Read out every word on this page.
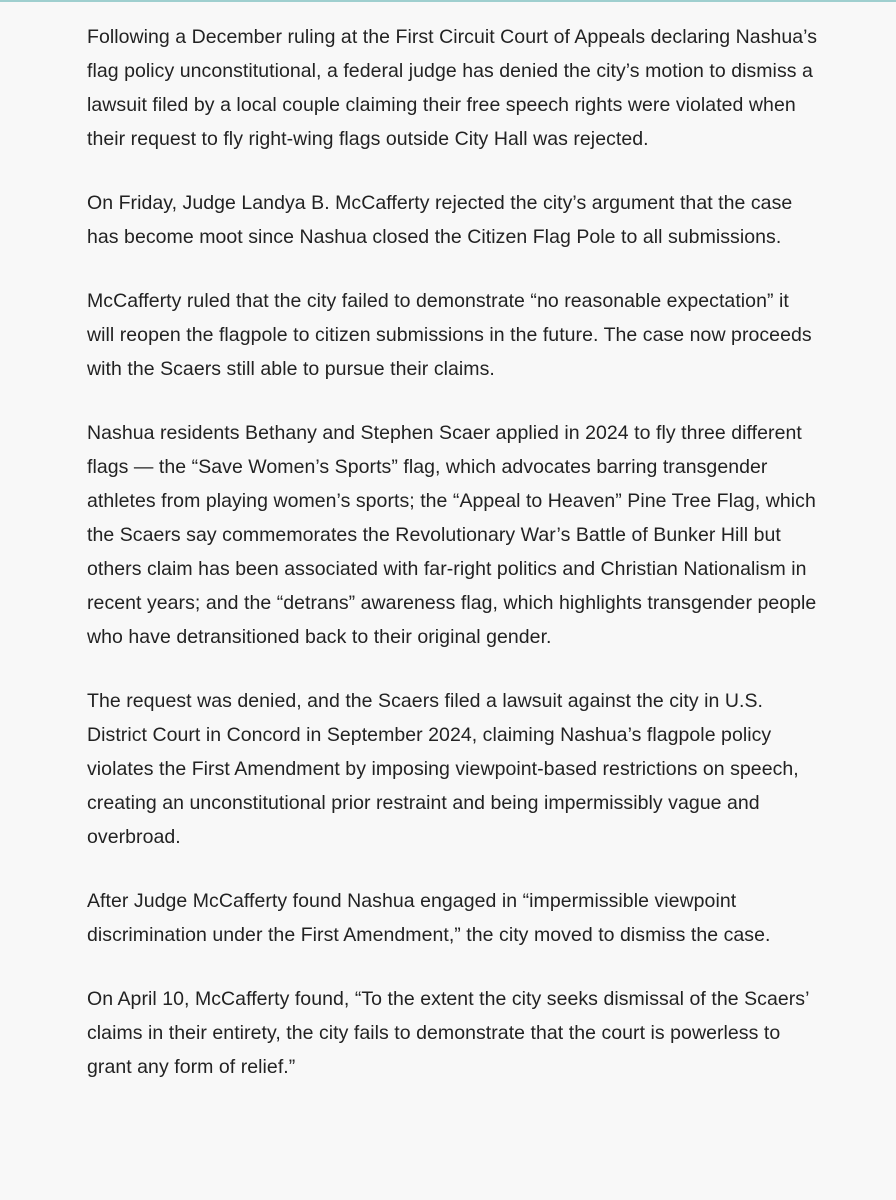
Following a December ruling at the First Circuit Court of Appeals declaring Nashua’s flag policy unconstitutional, a federal judge has denied the city’s motion to dismiss a lawsuit filed by a local couple claiming their free speech rights were violated when their request to fly right-wing flags outside City Hall was rejected.

On Friday, Judge Landya B. McCafferty rejected the city’s argument that the case has become moot since Nashua closed the Citizen Flag Pole to all submissions.

McCafferty ruled that the city failed to demonstrate “no reasonable expectation” it will reopen the flagpole to citizen submissions in the future. The case now proceeds with the Scaers still able to pursue their claims.

Nashua residents Bethany and Stephen Scaer applied in 2024 to fly three different flags — the “Save Women’s Sports” flag, which advocates barring transgender athletes from playing women’s sports; the “Appeal to Heaven” Pine Tree Flag, which the Scaers say commemorates the Revolutionary War’s Battle of Bunker Hill but others claim has been associated with far-right politics and Christian Nationalism in recent years; and the “detrans” awareness flag, which highlights transgender people who have detransitioned back to their original gender.

The request was denied, and the Scaers filed a lawsuit against the city in U.S. District Court in Concord in September 2024, claiming Nashua’s flagpole policy violates the First Amendment by imposing viewpoint-based restrictions on speech, creating an unconstitutional prior restraint and being impermissibly vague and overbroad.

After Judge McCafferty found Nashua engaged in “impermissible viewpoint discrimination under the First Amendment,” the city moved to dismiss the case.

On April 10, McCafferty found, “To the extent the city seeks dismissal of the Scaers’ claims in their entirety, the city fails to demonstrate that the court is powerless to grant any form of relief.”
